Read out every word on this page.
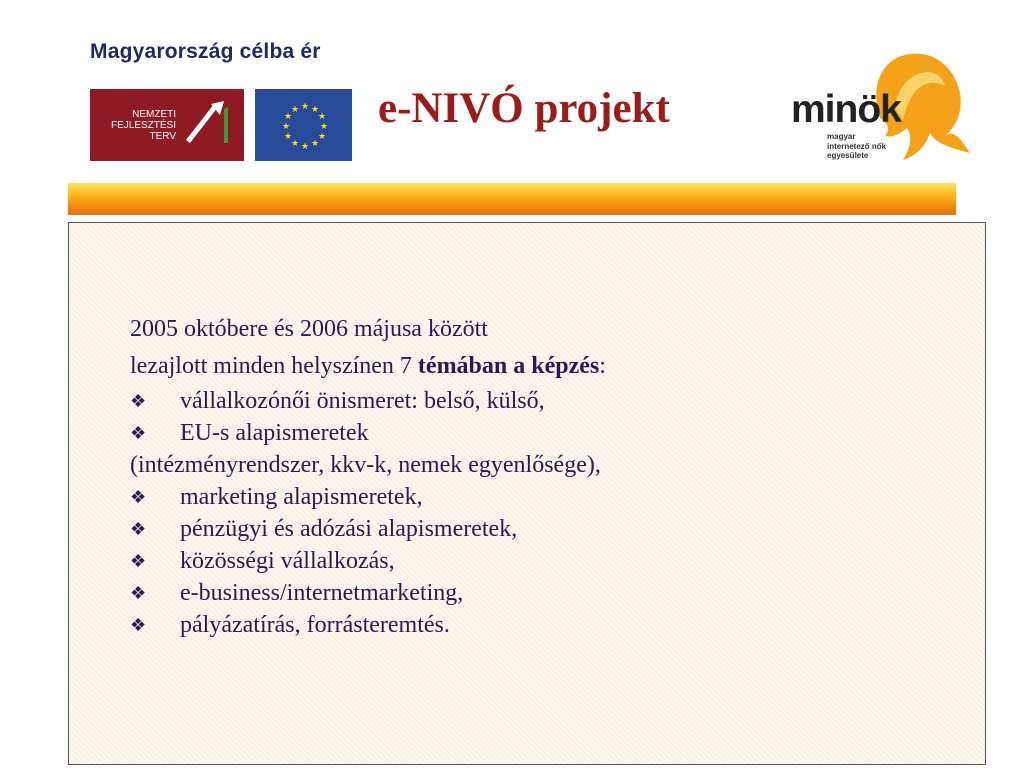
Magyarország célba ér
NEMZETI
FEJLESZTÉSI
TERV
★ ★
★
★
★
★
★
★
★
★
★
★ e-NIVÓ projekt	minök
magyar
internetező nők
egyesülete
2005 októbere és 2006 májusa között
lezajlott minden helyszínen 7 témában a képzés:
❖	vállalkozónői önismeret: belső, külső,
❖	EU-s alapismeretek
(intézményrendszer, kkv-k, nemek egyenlősége),
❖	marketing alapismeretek,
❖	pénzügyi és adózási alapismeretek,
❖	közösségi vállalkozás,
❖	e-business/internetmarketing,
❖	pályázatírás, forrásteremtés.
